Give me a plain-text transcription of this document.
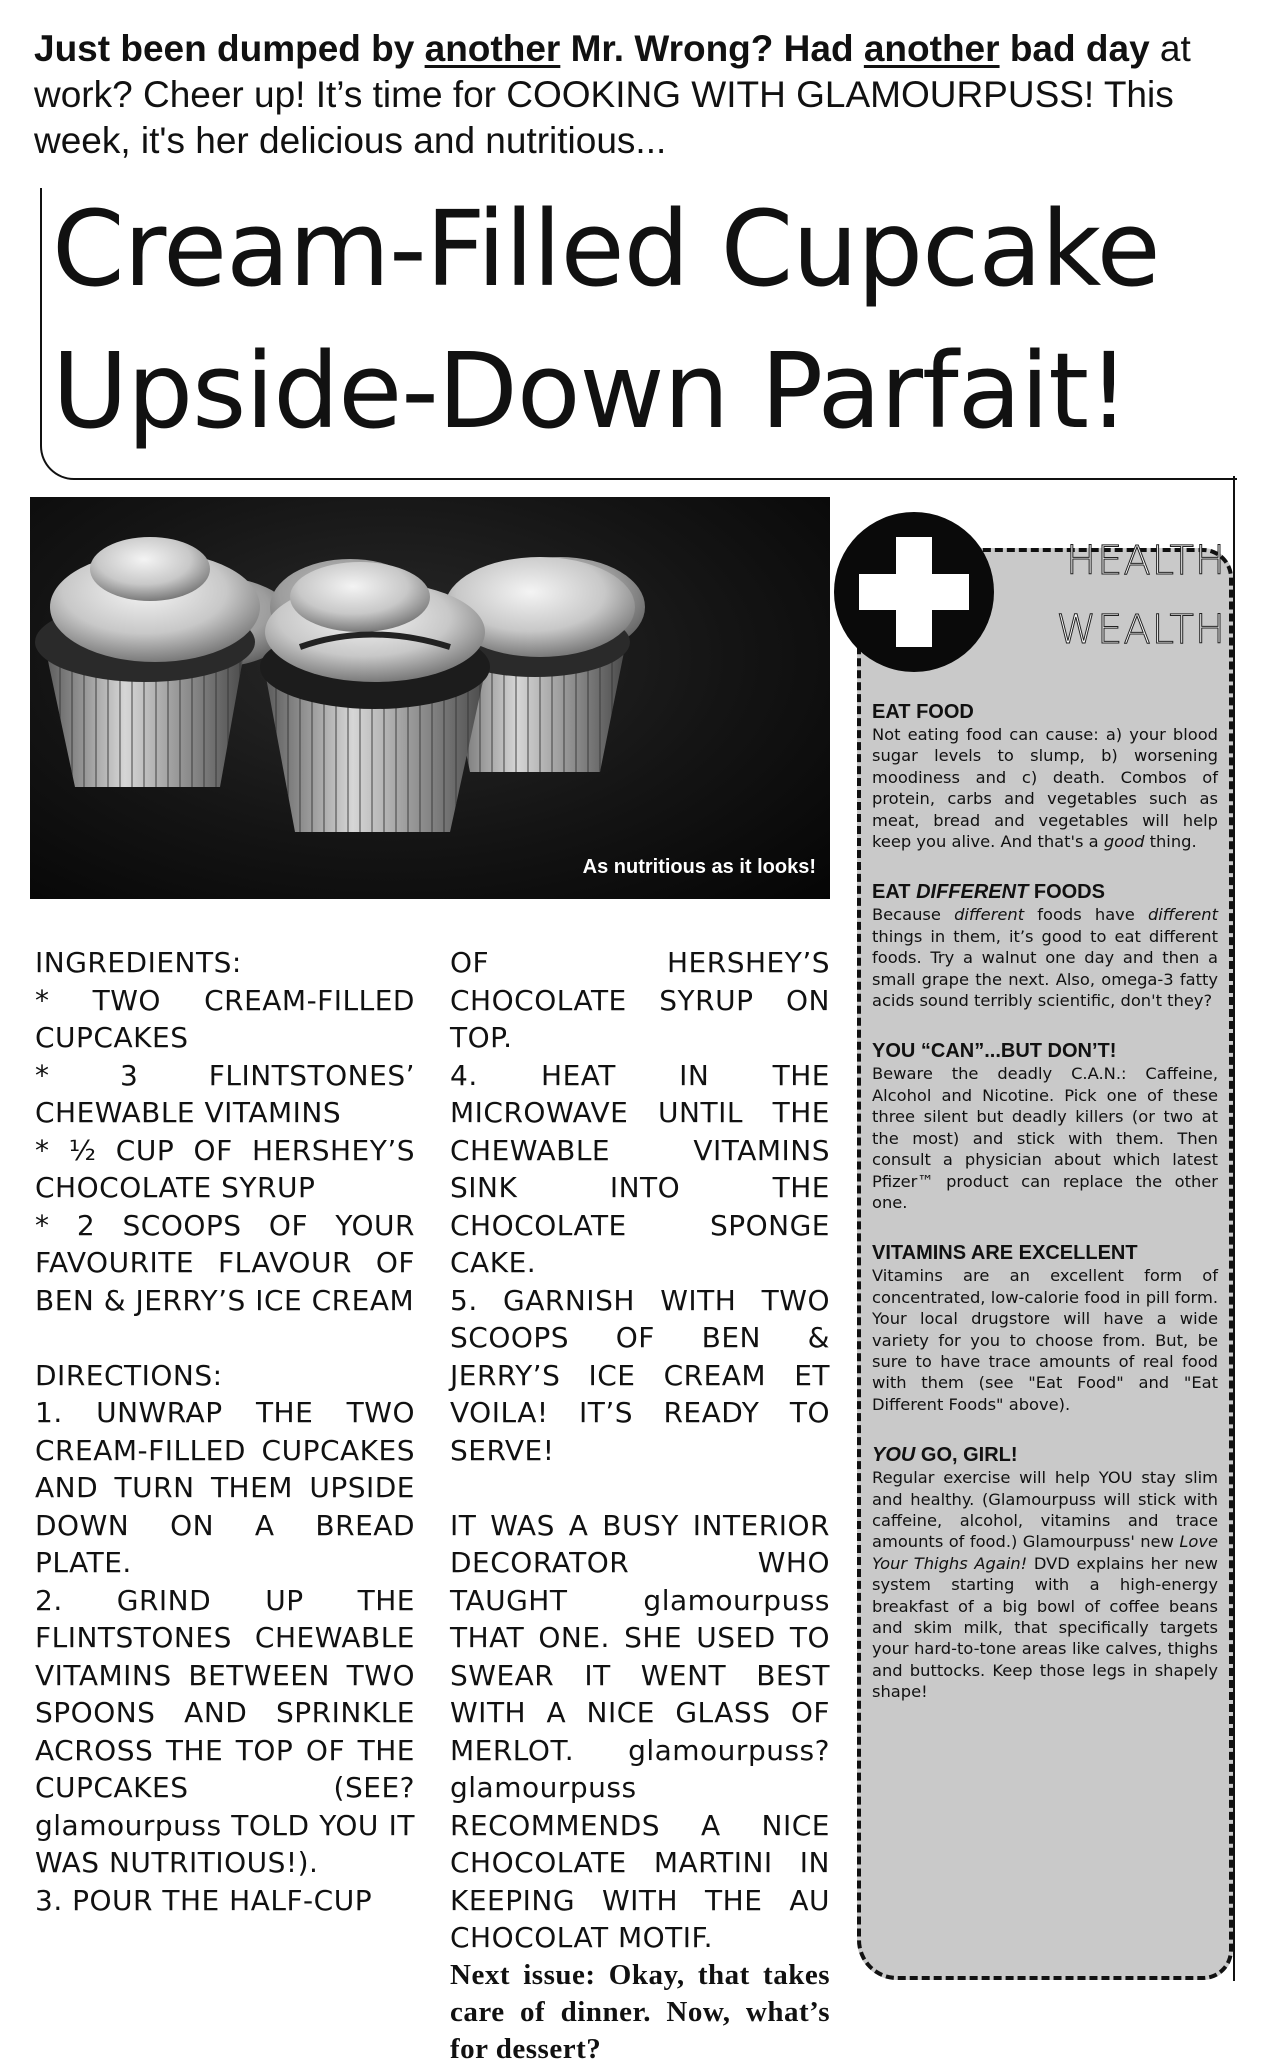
Just been dumped by another Mr. Wrong? Had another bad day at work? Cheer up! It’s time for COOKING WITH GLAMOURPUSS! This week, it's her delicious and nutritious...
Cream-Filled Cupcake
Upside-Down Parfait!
As nutritious as it looks!

INGREDIENTS:

* TWO CREAM-FILLED CUPCAKES

* 3 FLINTSTONES’ CHEWABLE VITAMINS

* ½ CUP OF HERSHEY’S CHOCOLATE SYRUP

* 2 SCOOPS OF YOUR FAVOURITE FLAVOUR OF BEN & JERRY’S ICE CREAM

DIRECTIONS:

1. UNWRAP THE TWO CREAM-FILLED CUPCAKES AND TURN THEM UPSIDE DOWN ON A BREAD PLATE.

2. GRIND UP THE FLINTSTONES CHEWABLE VITAMINS BETWEEN TWO SPOONS AND SPRINKLE ACROSS THE TOP OF THE CUPCAKES (SEE? glamourpuss TOLD YOU IT WAS NUTRITIOUS!).

3. POUR THE HALF-CUP

OF HERSHEY’S CHOCOLATE SYRUP ON TOP.

4. HEAT IN THE MICROWAVE UNTIL THE CHEWABLE VITAMINS SINK INTO THE CHOCOLATE SPONGE CAKE.

5. GARNISH WITH TWO SCOOPS OF BEN & JERRY’S ICE CREAM ET VOILA! IT’S READY TO SERVE!

IT WAS A BUSY INTERIOR DECORATOR WHO TAUGHT glamourpuss THAT ONE. SHE USED TO SWEAR IT WENT BEST WITH A NICE GLASS OF MERLOT. glamourpuss? glamourpuss RECOMMENDS A NICE CHOCOLATE MARTINI IN KEEPING WITH THE AU CHOCOLAT MOTIF.

Next issue: Okay, that takes care of dinner. Now, what’s for dessert?

HEALTH
WEALTH

EAT FOOD

Not eating food can cause: a) your blood sugar levels to slump, b) worsening moodiness and c) death. Combos of protein, carbs and vegetables such as meat, bread and vegetables will help keep you alive. And that's a good thing.

EAT DIFFERENT FOODS

Because different foods have different things in them, it’s good to eat different foods. Try a walnut one day and then a small grape the next. Also, omega-3 fatty acids sound terribly scientific, don't they?

YOU “CAN”...BUT DON’T!

Beware the deadly C.A.N.: Caffeine, Alcohol and Nicotine. Pick one of these three silent but deadly killers (or two at the most) and stick with them. Then consult a physician about which latest Pfizer™ product can replace the other one.

VITAMINS ARE EXCELLENT

Vitamins are an excellent form of concentrated, low-calorie food in pill form. Your local drugstore will have a wide variety for you to choose from. But, be sure to have trace amounts of real food with them (see "Eat Food" and "Eat Different Foods" above).

YOU GO, GIRL!

Regular exercise will help YOU stay slim and healthy. (Glamourpuss will stick with caffeine, alcohol, vitamins and trace amounts of food.) Glamourpuss' new Love Your Thighs Again! DVD explains her new system starting with a high-energy breakfast of a big bowl of coffee beans and skim milk, that specifically targets your hard-to-tone areas like calves, thighs and buttocks. Keep those legs in shapely shape!
